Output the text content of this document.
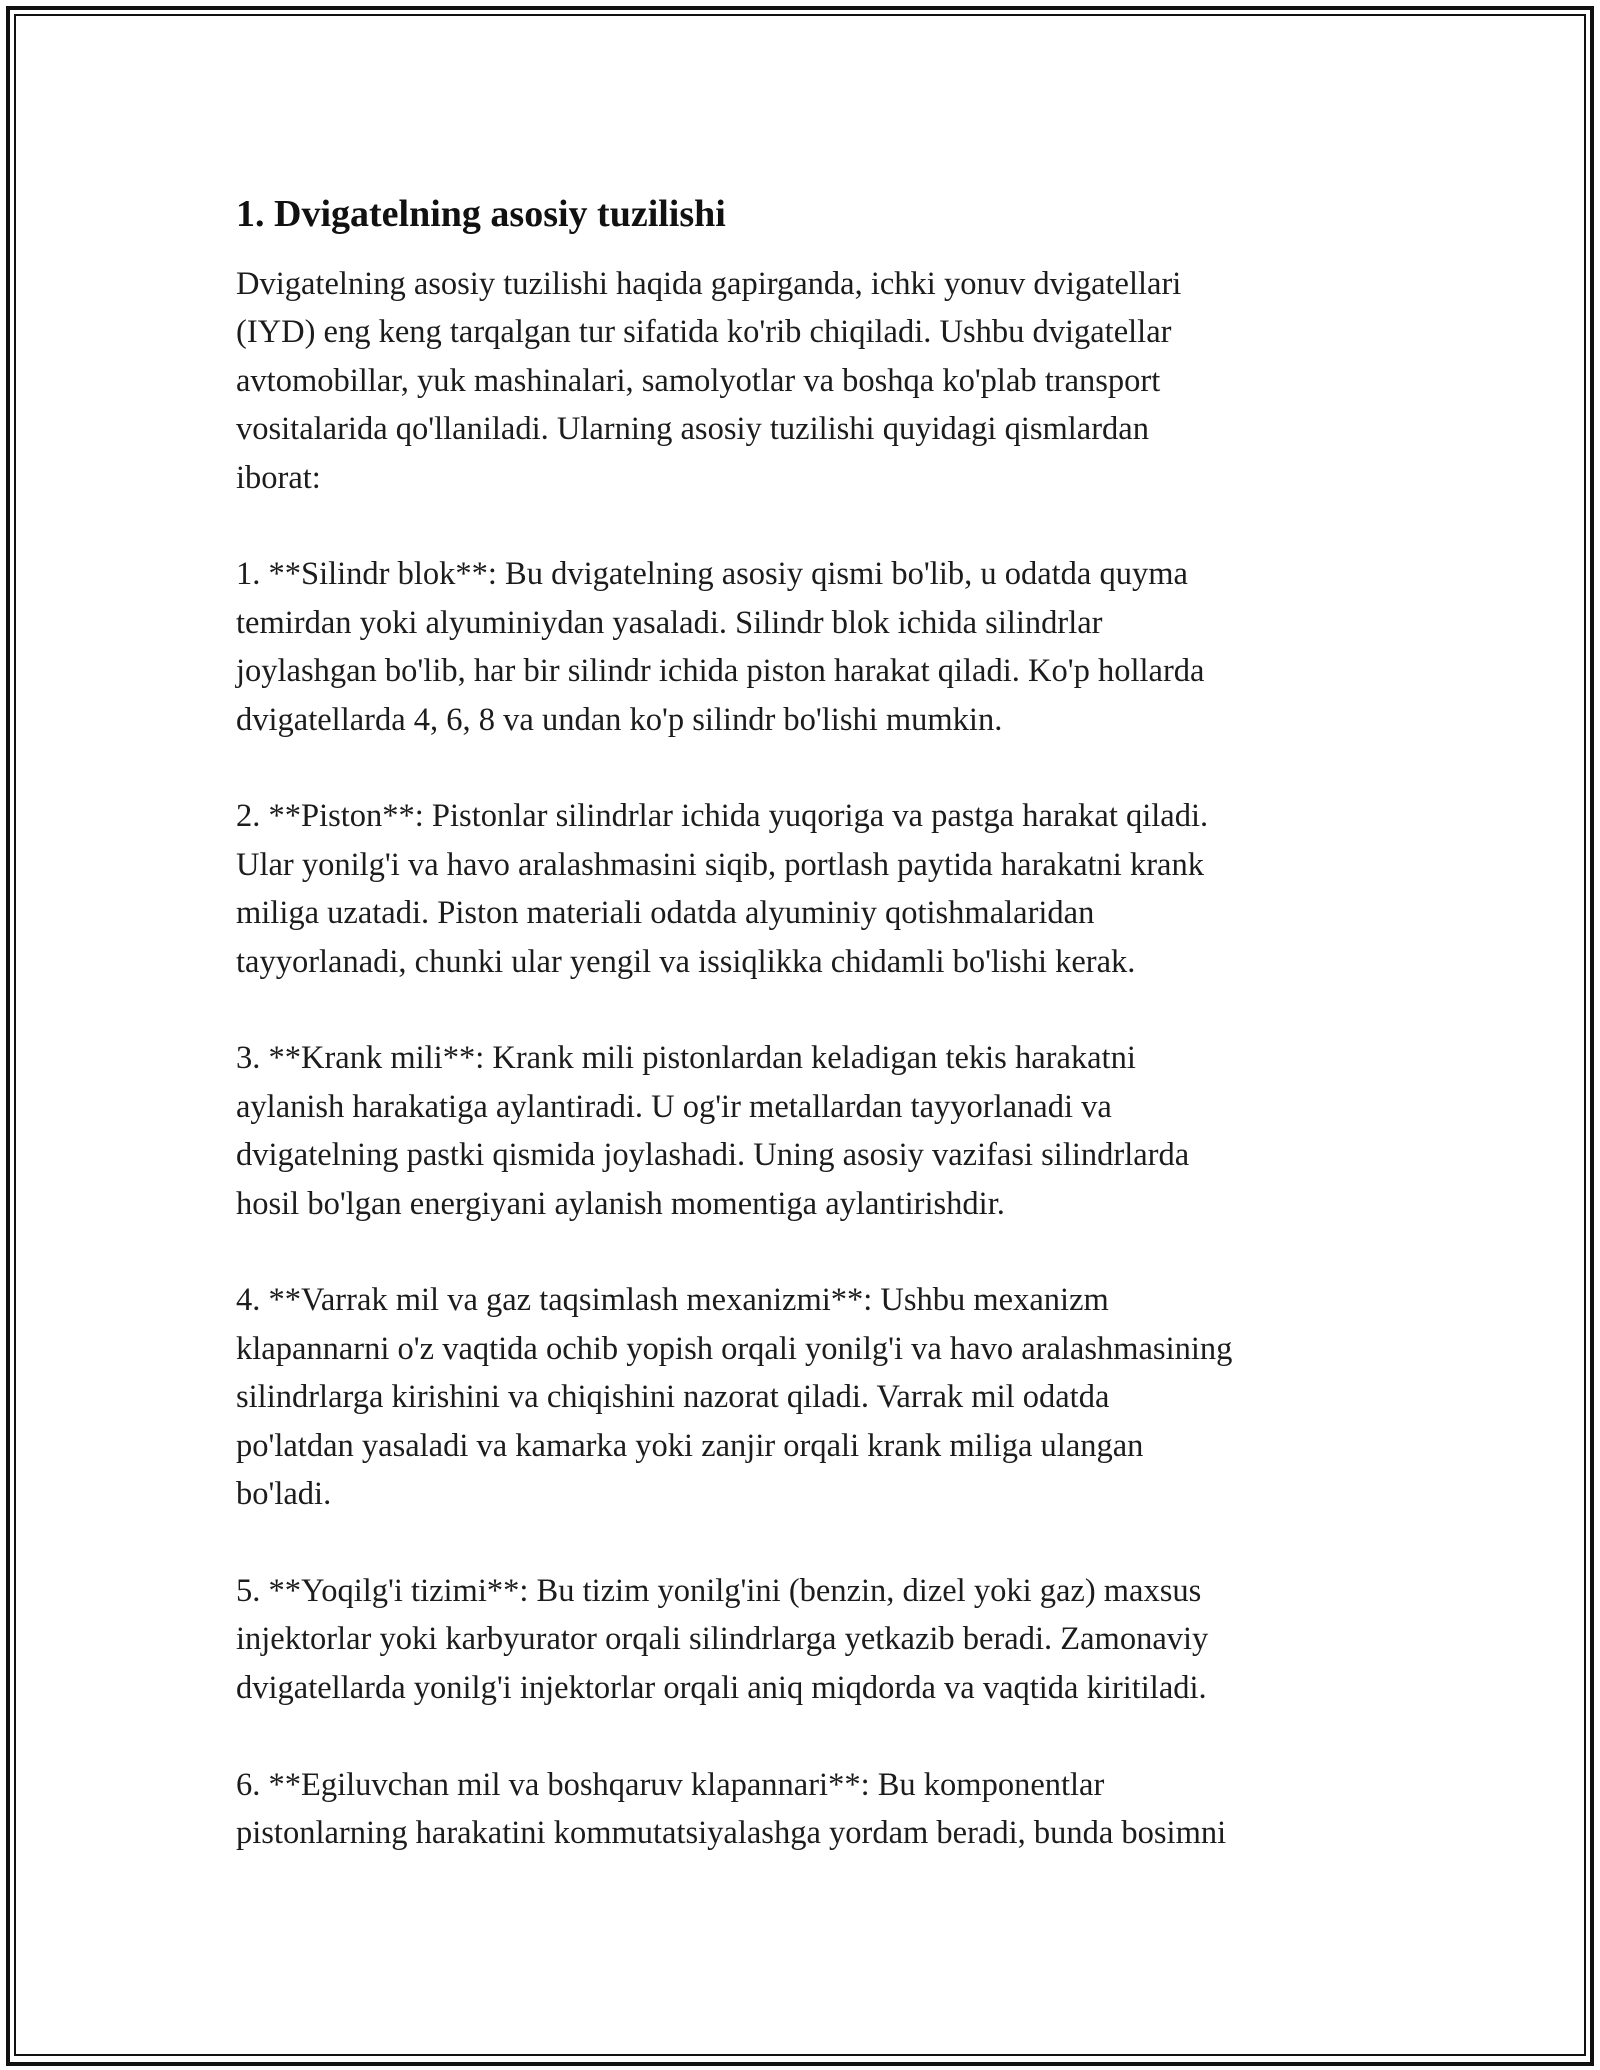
1. Dvigatelning asosiy tuzilishi
Dvigatelning asosiy tuzilishi haqida gapirganda, ichki yonuv dvigatellari
(IYD) eng keng tarqalgan tur sifatida ko'rib chiqiladi. Ushbu dvigatellar
avtomobillar, yuk mashinalari, samolyotlar va boshqa ko'plab transport
vositalarida qo'llaniladi. Ularning asosiy tuzilishi quyidagi qismlardan
iborat:
1. **Silindr blok**: Bu dvigatelning asosiy qismi bo'lib, u odatda quyma
temirdan yoki alyuminiydan yasaladi. Silindr blok ichida silindrlar
joylashgan bo'lib, har bir silindr ichida piston harakat qiladi. Ko'p hollarda
dvigatellarda 4, 6, 8 va undan ko'p silindr bo'lishi mumkin.
2. **Piston**: Pistonlar silindrlar ichida yuqoriga va pastga harakat qiladi.
Ular yonilg'i va havo aralashmasini siqib, portlash paytida harakatni krank
miliga uzatadi. Piston materiali odatda alyuminiy qotishmalaridan
tayyorlanadi, chunki ular yengil va issiqlikka chidamli bo'lishi kerak.
3. **Krank mili**: Krank mili pistonlardan keladigan tekis harakatni
aylanish harakatiga aylantiradi. U og'ir metallardan tayyorlanadi va
dvigatelning pastki qismida joylashadi. Uning asosiy vazifasi silindrlarda
hosil bo'lgan energiyani aylanish momentiga aylantirishdir.
4. **Varrak mil va gaz taqsimlash mexanizmi**: Ushbu mexanizm
klapannarni o'z vaqtida ochib yopish orqali yonilg'i va havo aralashmasining
silindrlarga kirishini va chiqishini nazorat qiladi. Varrak mil odatda
po'latdan yasaladi va kamarka yoki zanjir orqali krank miliga ulangan
bo'ladi.
5. **Yoqilg'i tizimi**: Bu tizim yonilg'ini (benzin, dizel yoki gaz) maxsus
injektorlar yoki karbyurator orqali silindrlarga yetkazib beradi. Zamonaviy
dvigatellarda yonilg'i injektorlar orqali aniq miqdorda va vaqtida kiritiladi.
6. **Egiluvchan mil va boshqaruv klapannari**: Bu komponentlar
pistonlarning harakatini kommutatsiyalashga yordam beradi, bunda bosimni
